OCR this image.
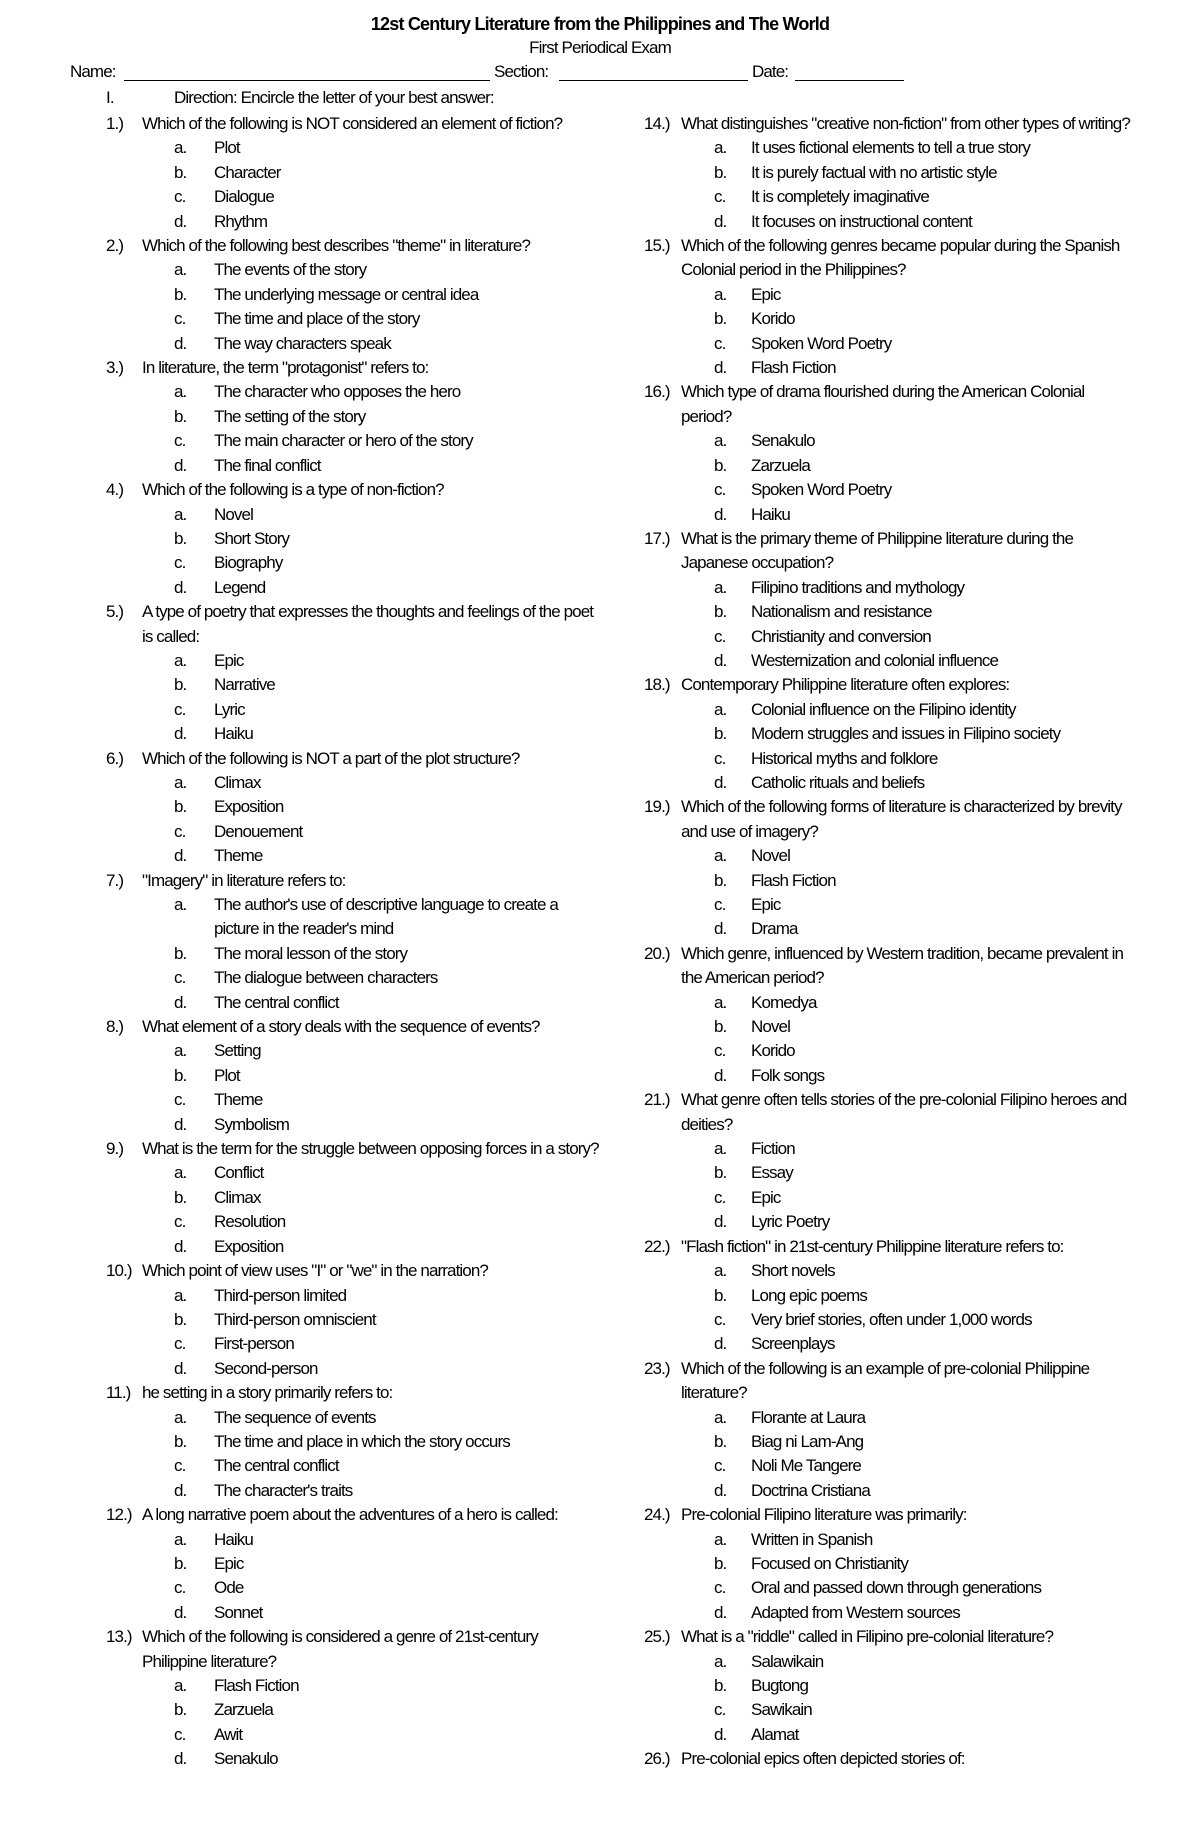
12st Century Literature from the Philippines and The World
First Periodical Exam
Name:	Section:	Date:
I.	Direction: Encircle the letter of your best answer:
1.) Which of the following is NOT considered an element of fiction?
a. Plot
b. Character
c. Dialogue
d. Rhythm
2.) Which of the following best describes "theme" in literature?
a. The events of the story
b. The underlying message or central idea
c. The time and place of the story
d. The way characters speak
3.) In literature, the term "protagonist" refers to:
a. The character who opposes the hero
b. The setting of the story
c. The main character or hero of the story
d. The final conflict
4.) Which of the following is a type of non-fiction?
a. Novel
b. Short Story
c. Biography
d. Legend
5.) A type of poetry that expresses the thoughts and feelings of the poet is called:
a. Epic
b. Narrative
c. Lyric
d. Haiku
6.) Which of the following is NOT a part of the plot structure?
a. Climax
b. Exposition
c. Denouement
d. Theme
7.) "Imagery" in literature refers to:
a. The author's use of descriptive language to create a picture in the reader's mind
b. The moral lesson of the story
c. The dialogue between characters
d. The central conflict
8.) What element of a story deals with the sequence of events?
a. Setting
b. Plot
c. Theme
d. Symbolism
9.) What is the term for the struggle between opposing forces in a story?
a. Conflict
b. Climax
c. Resolution
d. Exposition
10.) Which point of view uses "I" or "we" in the narration?
a. Third-person limited
b. Third-person omniscient
c. First-person
d. Second-person
11.) he setting in a story primarily refers to:
a. The sequence of events
b. The time and place in which the story occurs
c. The central conflict
d. The character's traits
12.) A long narrative poem about the adventures of a hero is called:
a. Haiku
b. Epic
c. Ode
d. Sonnet
13.) Which of the following is considered a genre of 21st-century Philippine literature?
a. Flash Fiction
b. Zarzuela
c. Awit
d. Senakulo
14.) What distinguishes "creative non-fiction" from other types of writing?
a. It uses fictional elements to tell a true story
b. It is purely factual with no artistic style
c. It is completely imaginative
d. It focuses on instructional content
15.) Which of the following genres became popular during the Spanish Colonial period in the Philippines?
a. Epic
b. Korido
c. Spoken Word Poetry
d. Flash Fiction
16.) Which type of drama flourished during the American Colonial period?
a. Senakulo
b. Zarzuela
c. Spoken Word Poetry
d. Haiku
17.) What is the primary theme of Philippine literature during the Japanese occupation?
a. Filipino traditions and mythology
b. Nationalism and resistance
c. Christianity and conversion
d. Westernization and colonial influence
18.) Contemporary Philippine literature often explores:
a. Colonial influence on the Filipino identity
b. Modern struggles and issues in Filipino society
c. Historical myths and folklore
d. Catholic rituals and beliefs
19.) Which of the following forms of literature is characterized by brevity and use of imagery?
a. Novel
b. Flash Fiction
c. Epic
d. Drama
20.) Which genre, influenced by Western tradition, became prevalent in the American period?
a. Komedya
b. Novel
c. Korido
d. Folk songs
21.) What genre often tells stories of the pre-colonial Filipino heroes and deities?
a. Fiction
b. Essay
c. Epic
d. Lyric Poetry
22.) "Flash fiction" in 21st-century Philippine literature refers to:
a. Short novels
b. Long epic poems
c. Very brief stories, often under 1,000 words
d. Screenplays
23.) Which of the following is an example of pre-colonial Philippine literature?
a. Florante at Laura
b. Biag ni Lam-Ang
c. Noli Me Tangere
d. Doctrina Cristiana
24.) Pre-colonial Filipino literature was primarily:
a. Written in Spanish
b. Focused on Christianity
c. Oral and passed down through generations
d. Adapted from Western sources
25.) What is a "riddle" called in Filipino pre-colonial literature?
a. Salawikain
b. Bugtong
c. Sawikain
d. Alamat
26.) Pre-colonial epics often depicted stories of:
